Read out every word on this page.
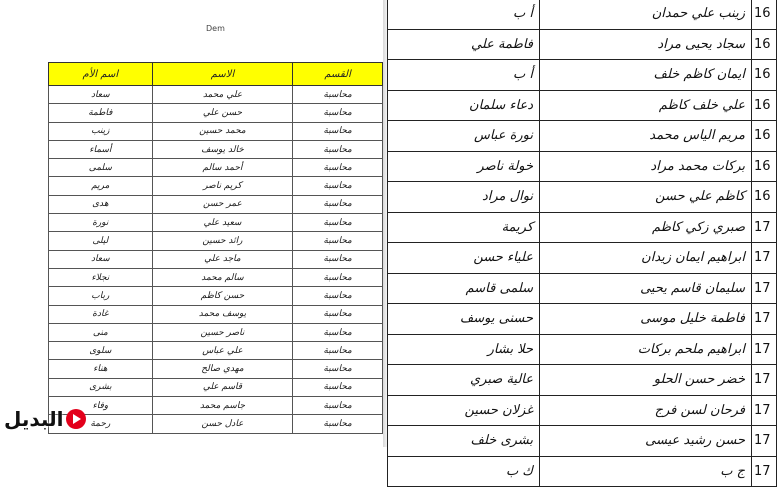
Dem
اسم الأم	الاسم	القسم
سعاد	علي محمد	محاسبة
فاطمة	حسن علي	محاسبة
زينب	محمد حسين	محاسبة
أسماء	خالد يوسف	محاسبة
سلمى	أحمد سالم	محاسبة
مريم	كريم ناصر	محاسبة
هدى	عمر حسن	محاسبة
نورة	سعيد علي	محاسبة
ليلى	رائد حسين	محاسبة
سعاد	ماجد علي	محاسبة
نجلاء	سالم محمد	محاسبة
رباب	حسن كاظم	محاسبة
غادة	يوسف محمد	محاسبة
منى	ناصر حسين	محاسبة
سلوى	علي عباس	محاسبة
هناء	مهدي صالح	محاسبة
بشرى	قاسم علي	محاسبة
وفاء	جاسم محمد	محاسبة
رحمة	عادل حسن	محاسبة
أ ب	زينب علي حمدان	16
فاطمة علي	سجاد يحيى مراد	16
أ ب	ايمان كاظم خلف	16
دعاء سلمان	علي خلف كاظم	16
نورة عباس	مريم الياس محمد	16
خولة ناصر	بركات محمد مراد	16
نوال مراد	كاظم علي حسن	16
كريمة	صبري زكي كاظم	17
علياء حسن	ابراهيم ايمان زيدان	17
سلمى قاسم	سليمان قاسم يحيى	17
حسنى يوسف	فاطمة خليل موسى	17
حلا بشار	ابراهيم ملحم بركات	17
عالية صبري	خضر حسن الحلو	17
غزلان حسين	فرحان لسن فرج	17
بشرى خلف	حسن رشيد عيسى	17
ك ب	ج ب	17
البديل
